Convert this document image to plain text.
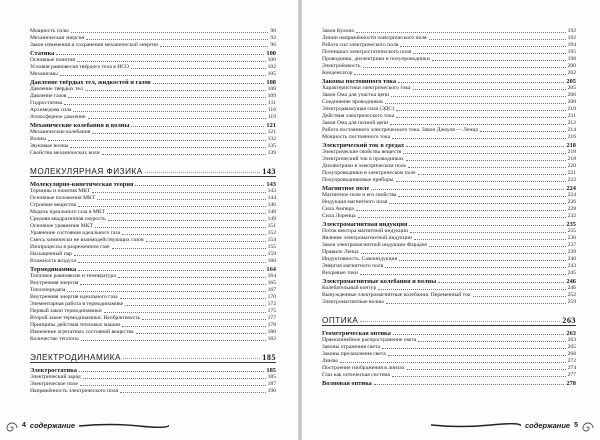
Мощность силы	90
Механическая энергия	92
Закон изменения и сохранения механической энергии	96
Статика	100
Основные понятия	100
Условия равновесия твёрдого тела в ИСО	102
Механизмы	105
Давление твёрдых тел, жидкостей и газов	108
Давление твёрдых тел	108
Давление газов	109
Гидростатика	111
Архимедова сила	116
Атмосферное давление	119
Механические колебания и волны	121
Механические колебания	121
Волны	132
Звуковые волны	135
Свойства механических волн	139
МОЛЕКУЛЯРНАЯ ФИЗИКА	143
Молекулярно-кинетическая теория	143
Термины и понятия МКТ	143
Основные положения МКТ	144
Строение вещества	146
Модель идеального газа в МКТ	148
Средняя квадратичная скорость	149
Основное уравнение МКТ	151
Уравнение состояния идеального газа	152
Смесь химически не взаимодействующих газов	154
Изопроцессы в разреженном газе	155
Насыщенный пар	159
Влажность воздуха	160
Термодинамика	164
Тепловое равновесие и температура	164
Внутренняя энергия	165
Теплопередача	167
Внутренняя энергия идеального газа	170
Элементарная работа в термодинамике	172
Первый закон термодинамики	175
Второй закон термодинамики. Необратимость	177
Принципы действия тепловых машин	178
Изменение агрегатных состояний вещества	180
Количество теплоты	182
ЭЛЕКТРОДИНАМИКА	185
Электростатика	185
Электрический заряд	185
Электрическое поле	187
Напряжённость электрического поля	190
4 содержание
Закон Кулона	192
Линии напряжённости электрического поля	192
Работа сил электрического поля	194
Потенциал электростатического поля	195
Проводники, диэлектрики и полупроводники	198
Электроёмкость	200
Конденсатор	202
Законы постоянного тока	205
Характеристики электрического тока	205
Закон Ома для участка цепи	206
Соединение проводников	208
Электродвижущая сила (ЭДС)	210
Действия электрического тока	211
Закон Ома для полной цепи	212
Работа постоянного электрического тока. Закон Джоуля — Ленца	214
Мощность постоянного тока	216
Электрический ток в средах	218
Электрические свойства веществ	218
Электрический ток в проводниках	218
Диэлектрики в электрическом поле	220
Полупроводники в электрическом поле	221
Полупроводниковые приборы	222
Магнитное поле	224
Магнитное поле и его свойства	224
Индукция магнитного поля	226
Сила Ампера	228
Сила Лоренца	232
Электромагнитная индукция	235
Поток вектора магнитной индукции	235
Явление электромагнитной индукции	236
Закон электромагнитной индукции Фарадея	237
Правило Ленца	239
Индуктивность. Самоиндукция	240
Энергия магнитного поля	243
Вихревые токи	245
Электромагнитные колебания и волны	246
Колебательный контур	246
Вынужденные электромагнитные колебания. Переменный ток	252
Электромагнитные волны	259
ОПТИКА	263
Геометрическая оптика	263
Прямолинейное распространение света	263
Законы отражения света	265
Законы преломления света	268
Линзы	272
Построение изображения в линзах	274
Глаз как оптическая система	277
Волновая оптика	278
содержание 5
